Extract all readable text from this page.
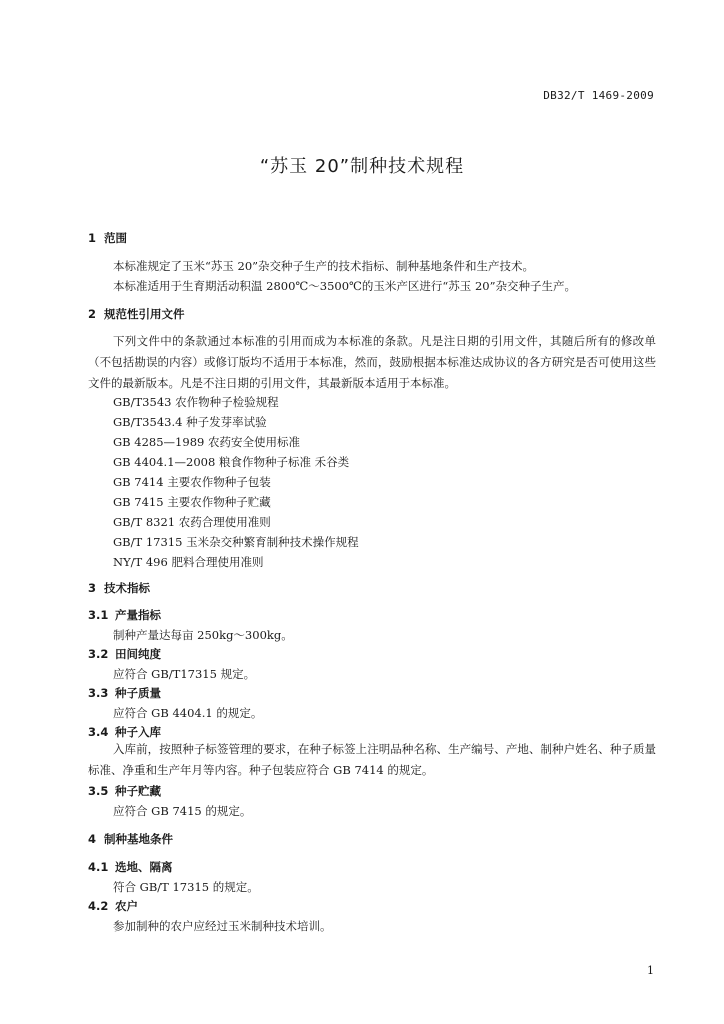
DB32/T 1469-2009
“苏玉 20”制种技术规程
1 范围
本标准规定了玉米“苏玉 20”杂交种子生产的技术指标、制种基地条件和生产技术。
本标准适用于生育期活动积温 2800℃～3500℃的玉米产区进行“苏玉 20”杂交种子生产。
2 规范性引用文件
下列文件中的条款通过本标准的引用而成为本标准的条款。凡是注日期的引用文件，其随后所有的修改单（不包括勘误的内容）或修订版均不适用于本标准，然而，鼓励根据本标准达成协议的各方研究是否可使用这些文件的最新版本。凡是不注日期的引用文件，其最新版本适用于本标准。
GB/T3543 农作物种子检验规程
GB/T3543.4 种子发芽率试验
GB 4285—1989 农药安全使用标准
GB 4404.1—2008 粮食作物种子标准 禾谷类
GB 7414 主要农作物种子包装
GB 7415 主要农作物种子贮藏
GB/T 8321 农药合理使用准则
GB/T 17315 玉米杂交种繁育制种技术操作规程
NY/T 496 肥料合理使用准则
3 技术指标
3.1 产量指标
制种产量达每亩 250kg～300kg。
3.2 田间纯度
应符合 GB/T17315 规定。
3.3 种子质量
应符合 GB 4404.1 的规定。
3.4 种子入库
入库前，按照种子标签管理的要求，在种子标签上注明品种名称、生产编号、产地、制种户姓名、种子质量标准、净重和生产年月等内容。种子包装应符合 GB 7414 的规定。
3.5 种子贮藏
应符合 GB 7415 的规定。
4 制种基地条件
4.1 选地、隔离
符合 GB/T 17315 的规定。
4.2 农户
参加制种的农户应经过玉米制种技术培训。
1
